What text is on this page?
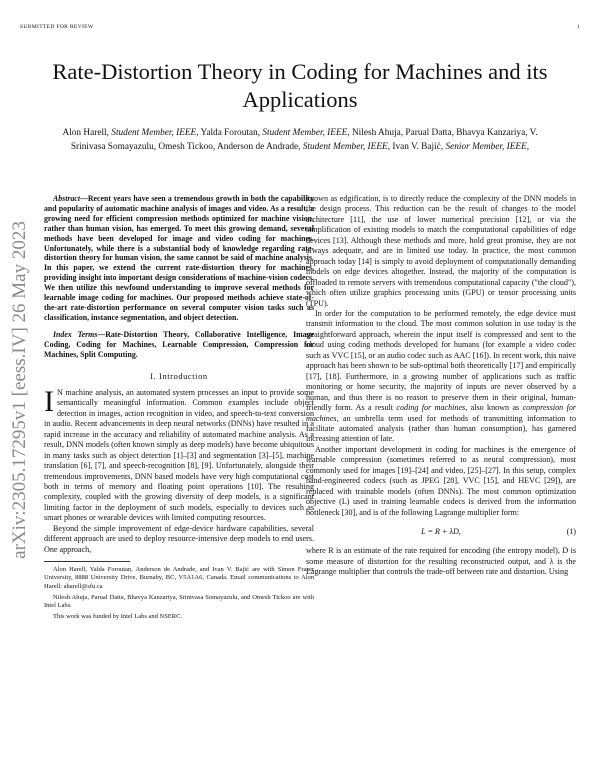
SUBMITTED FOR REVIEW	1
arXiv:2305.17295v1 [eess.IV] 26 May 2023
Rate-Distortion Theory in Coding for Machines and its Applications
Alon Harell, Student Member, IEEE, Yalda Foroutan, Student Member, IEEE, Nilesh Ahuja, Parual Datta, Bhavya Kanzariya, V. Srinivasa Somayazulu, Omesh Tickoo, Anderson de Andrade, Student Member, IEEE, Ivan V. Bajić, Senior Member, IEEE,

Abstract—Recent years have seen a tremendous growth in both the capability and popularity of automatic machine analysis of images and video. As a result, a growing need for efficient compression methods optimized for machine vision, rather than human vision, has emerged. To meet this growing demand, several methods have been developed for image and video coding for machines. Unfortunately, while there is a substantial body of knowledge regarding rate-distortion theory for human vision, the same cannot be said of machine analysis. In this paper, we extend the current rate-distortion theory for machines, providing insight into important design considerations of machine-vision codecs. We then utilize this newfound understanding to improve several methods for learnable image coding for machines. Our proposed methods achieve state-of-the-art rate-distortion performance on several computer vision tasks such as classification, instance segmentation, and object detection.

Index Terms—Rate-Distortion Theory, Collaborative Intelligence, Image Coding, Coding for Machines, Learnable Compression, Compression for Machines, Split Computing.

I. Introduction

I N machine analysis, an automated system processes an input to provide some semantically meaningful information. Common examples include object detection in images, action recognition in video, and speech-to-text conversion in audio. Recent advancements in deep neural networks (DNNs) have resulted in a rapid increase in the accuracy and reliability of automated machine analysis. As a result, DNN models (often known simply as deep models) have become ubiquitous in many tasks such as object detection [1]–[3] and segmentation [3]–[5], machine translation [6], [7], and speech-recognition [8], [9]. Unfortunately, alongside their tremendous improvements, DNN based models have very high computational cost both in terms of memory and floating point operations [10]. The resulting complexity, coupled with the growing diversity of deep models, is a significant limiting factor in the deployment of such models, especially to devices such as smart phones or wearable devices with limited computing resources.

Beyond the simple improvement of edge-device hardware capabilities, several different approach are used to deploy resource-intensive deep models to end users. One approach,

Alon Harell, Yalda Foroutan, Anderson de Andrade, and Ivan V. Bajić are with Simon Fraser University, 8888 University Drive, Burnaby, BC, V5A1A6, Canada. Email communications to Alon Harell: aharell@sfu.ca

Nilesh Ahuja, Parual Datta, Bhavya Kanzariya, Srinivasa Somayazulu, and Omesh Tickoo are with Intel Labs.

This work was funded by Intel Labs and NSERC.

known as edgification, is to directly reduce the complexity of the DNN models in the design process. This reduction can be the result of changes to the model architecture [11], the use of lower numerical precision [12], or via the simplification of existing models to match the computational capabilities of edge devices [13]. Although these methods and more, hold great promise, they are not always adequate, and are in limited use today. In practice, the most common approach today [14] is simply to avoid deployment of computationally demanding models on edge devices altogether. Instead, the majority of the computation is offloaded to remote servers with tremendous computational capacity ("the cloud"), which often utilize graphics processing units (GPU) or tensor processing units (TPU).

In order for the computation to be performed remotely, the edge device must transmit information to the cloud. The most common solution in use today is the straightforward approach, wherein the input itself is compressed and sent to the cloud using coding methods developed for humans (for example a video codec such as VVC [15], or an audio codec such as AAC [16]). In recent work, this naive approach has been shown to be sub-optimal both theoretically [17] and empirically [17], [18]. Furthermore, in a growing number of applications such as traffic monitoring or home security, the majority of inputs are never observed by a human, and thus there is no reason to preserve them in their original, human-friendly form. As a result coding for machines, also known as compression for machines, an umbrella term used for methods of transmitting information to facilitate automated analysis (rather than human consumption), has garnered increasing attention of late.

Another important development in coding for machines is the emergence of learnable compression (sometimes referred to as neural compression), most commonly used for images [19]–[24] and video, [25]–[27]. In this setup, complex hand-engineered codecs (such as JPEG [28], VVC [15], and HEVC [29]), are replaced with trainable models (often DNNs). The most common optimization objective (L) used in training learnable codecs is derived from the information bottleneck [30], and is of the following Lagrange multiplier form:

L = R + λD,	(1)

where R is an estimate of the rate required for encoding (the entropy model), D is some measure of distortion for the resulting reconstructed output, and λ is the Lagrange multiplier that controls the trade-off between rate and distortion. Using
